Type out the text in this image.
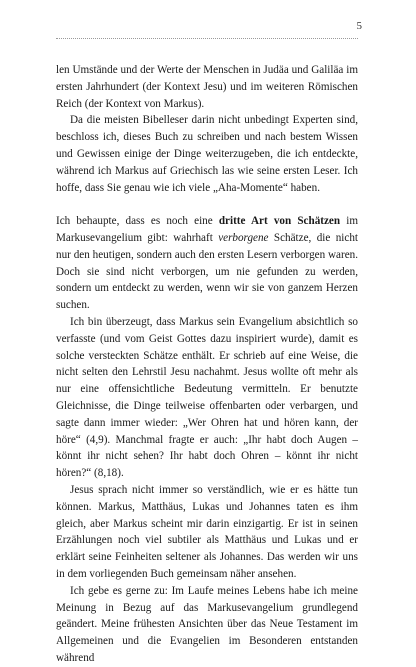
5

len Umstände und der Werte der Menschen in Judäa und Galiläa im ersten Jahrhundert (der Kontext Jesu) und im weiteren Römischen Reich (der Kontext von Markus).

Da die meisten Bibelleser darin nicht unbedingt Experten sind, beschloss ich, dieses Buch zu schreiben und nach bestem Wissen und Gewissen einige der Dinge weiterzugeben, die ich entdeckte, während ich Markus auf Griechisch las wie seine ersten Leser. Ich hoffe, dass Sie genau wie ich viele „Aha-Momente“ haben.

Ich behaupte, dass es noch eine dritte Art von Schätzen im Markusevangelium gibt: wahrhaft verborgene Schätze, die nicht nur den heutigen, sondern auch den ersten Lesern verborgen waren. Doch sie sind nicht verborgen, um nie gefunden zu werden, sondern um entdeckt zu werden, wenn wir sie von ganzem Herzen suchen.

Ich bin überzeugt, dass Markus sein Evangelium absichtlich so verfasste (und vom Geist Gottes dazu inspiriert wurde), damit es solche versteckten Schätze enthält. Er schrieb auf eine Weise, die nicht selten den Lehrstil Jesu nachahmt. Jesus wollte oft mehr als nur eine offensichtliche Bedeutung vermitteln. Er benutzte Gleichnisse, die Dinge teilweise offenbarten oder verbargen, und sagte dann immer wieder: „Wer Ohren hat und hören kann, der höre“ (4,9). Manchmal fragte er auch: „Ihr habt doch Augen – könnt ihr nicht sehen? Ihr habt doch Ohren – könnt ihr nicht hören?“ (8,18).

Jesus sprach nicht immer so verständlich, wie er es hätte tun können. Markus, Matthäus, Lukas und Johannes taten es ihm gleich, aber Markus scheint mir darin einzigartig. Er ist in seinen Erzählungen noch viel subtiler als Matthäus und Lukas und er erklärt seine Feinheiten seltener als Johannes. Das werden wir uns in dem vorliegenden Buch gemeinsam näher ansehen.

Ich gebe es gerne zu: Im Laufe meines Lebens habe ich meine Meinung in Bezug auf das Markusevangelium grundlegend geändert. Meine frühesten Ansichten über das Neue Testament im Allgemeinen und die Evangelien im Besonderen entstanden während
